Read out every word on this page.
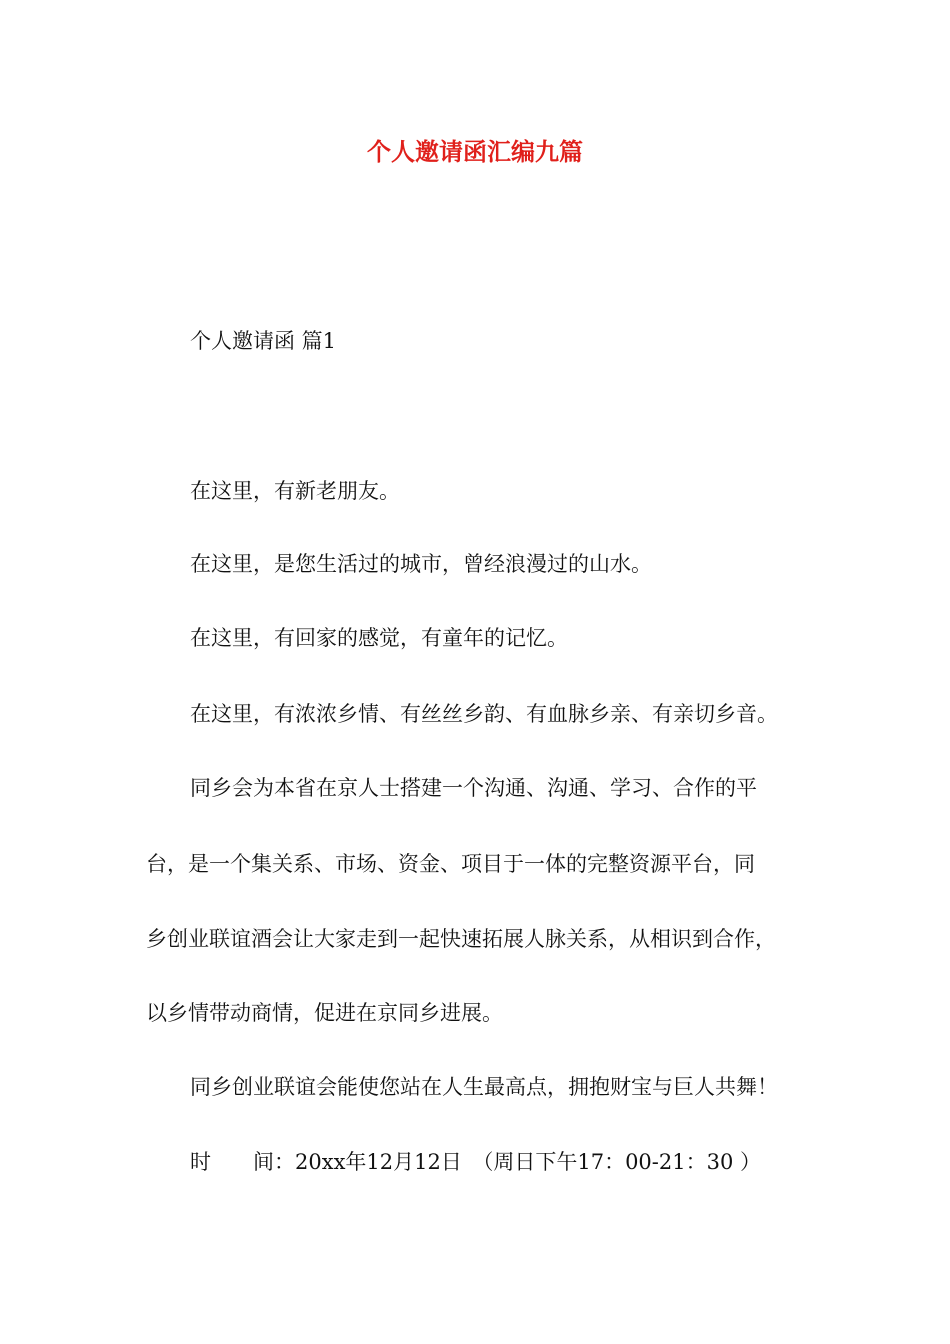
个人邀请函汇编九篇
个人邀请函 篇1
在这里，有新老朋友。
在这里，是您生活过的城市，曾经浪漫过的山水。
在这里，有回家的感觉，有童年的记忆。
在这里，有浓浓乡情、有丝丝乡韵、有血脉乡亲、有亲切乡音。
同乡会为本省在京人士搭建一个沟通、沟通、学习、合作的平
台，是一个集关系、市场、资金、项目于一体的完整资源平台，同
乡创业联谊酒会让大家走到一起快速拓展人脉关系，从相识到合作，
以乡情带动商情，促进在京同乡进展。
同乡创业联谊会能使您站在人生最高点，拥抱财宝与巨人共舞！
时　　间：20xx年12月12日　（周日下午17：00-21：30 ）
